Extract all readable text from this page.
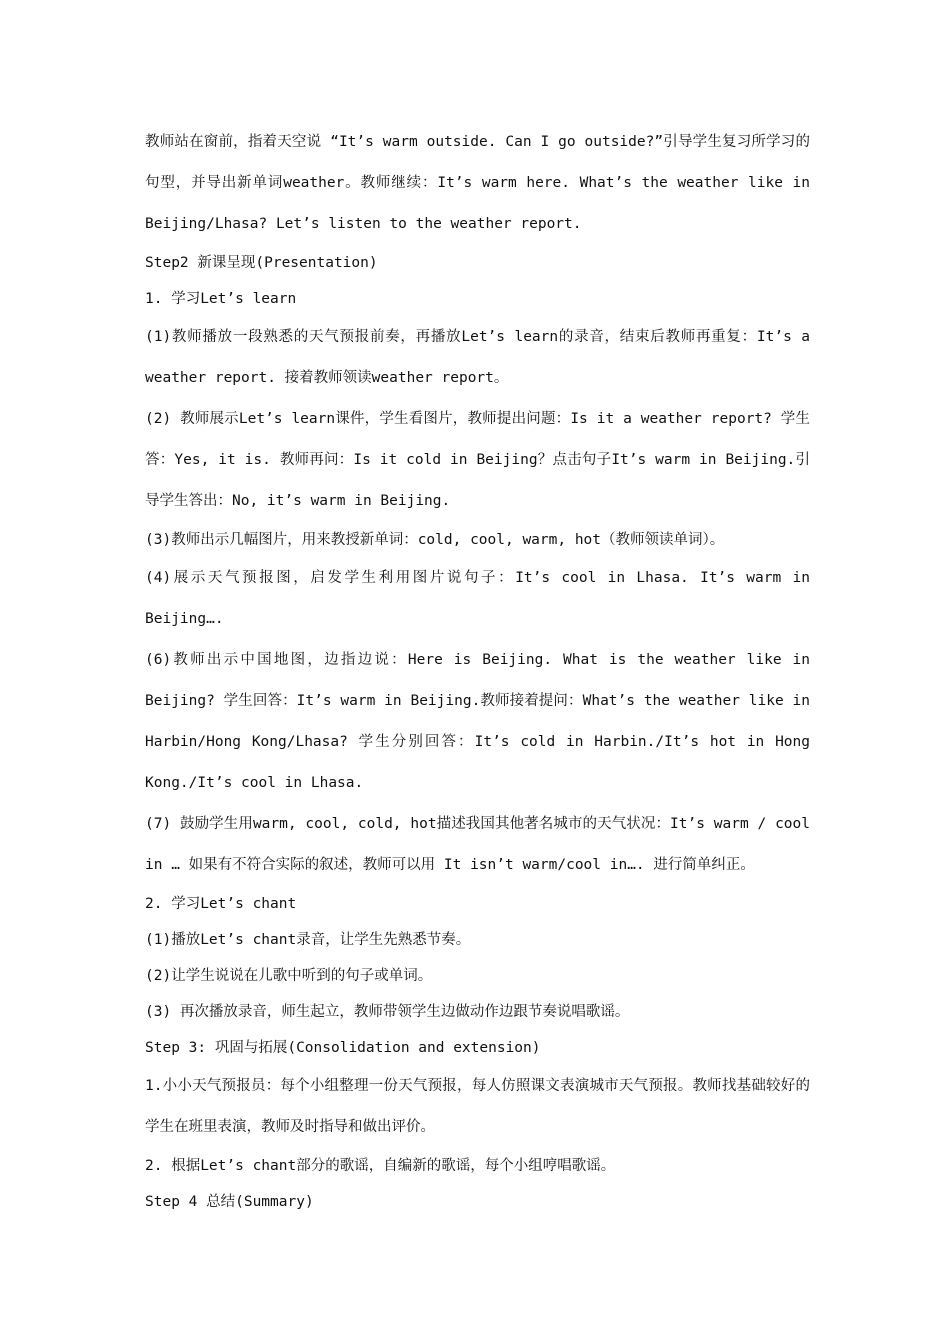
教师站在窗前，指着天空说 “It’s warm outside. Can I go outside?”引导学生复习所学习的句型，并导出新单词weather。教师继续：It’s warm here. What’s the weather like in Beijing/Lhasa? Let’s listen to the weather report.

Step2 新课呈现(Presentation)

1. 学习Let’s learn

(1)教师播放一段熟悉的天气预报前奏，再播放Let’s learn的录音，结束后教师再重复：It’s a weather report. 接着教师领读weather report。

(2) 教师展示Let’s learn课件，学生看图片，教师提出问题：Is it a weather report? 学生答：Yes, it is. 教师再问：Is it cold in Beijing？点击句子It’s warm in Beijing.引导学生答出：No, it’s warm in Beijing.

(3)教师出示几幅图片，用来教授新单词：cold, cool, warm, hot（教师领读单词）。

(4)展示天气预报图，启发学生利用图片说句子：It’s cool in Lhasa. It’s warm in Beijing….

(6)教师出示中国地图，边指边说：Here is Beijing. What is the weather like in Beijing? 学生回答：It’s warm in Beijing.教师接着提问：What’s the weather like in Harbin/Hong Kong/Lhasa? 学生分别回答：It’s cold in Harbin./It’s hot in Hong Kong./It’s cool in Lhasa.

(7) 鼓励学生用warm, cool, cold, hot描述我国其他著名城市的天气状况：It’s warm / cool in … 如果有不符合实际的叙述，教师可以用 It isn’t warm/cool in…. 进行简单纠正。

2. 学习Let’s chant

(1)播放Let’s chant录音，让学生先熟悉节奏。

(2)让学生说说在儿歌中听到的句子或单词。

(3) 再次播放录音，师生起立，教师带领学生边做动作边跟节奏说唱歌谣。

Step 3: 巩固与拓展(Consolidation and extension)

1.小小天气预报员：每个小组整理一份天气预报，每人仿照课文表演城市天气预报。教师找基础较好的学生在班里表演，教师及时指导和做出评价。

2. 根据Let’s chant部分的歌谣，自编新的歌谣，每个小组哼唱歌谣。

Step 4 总结(Summary)
